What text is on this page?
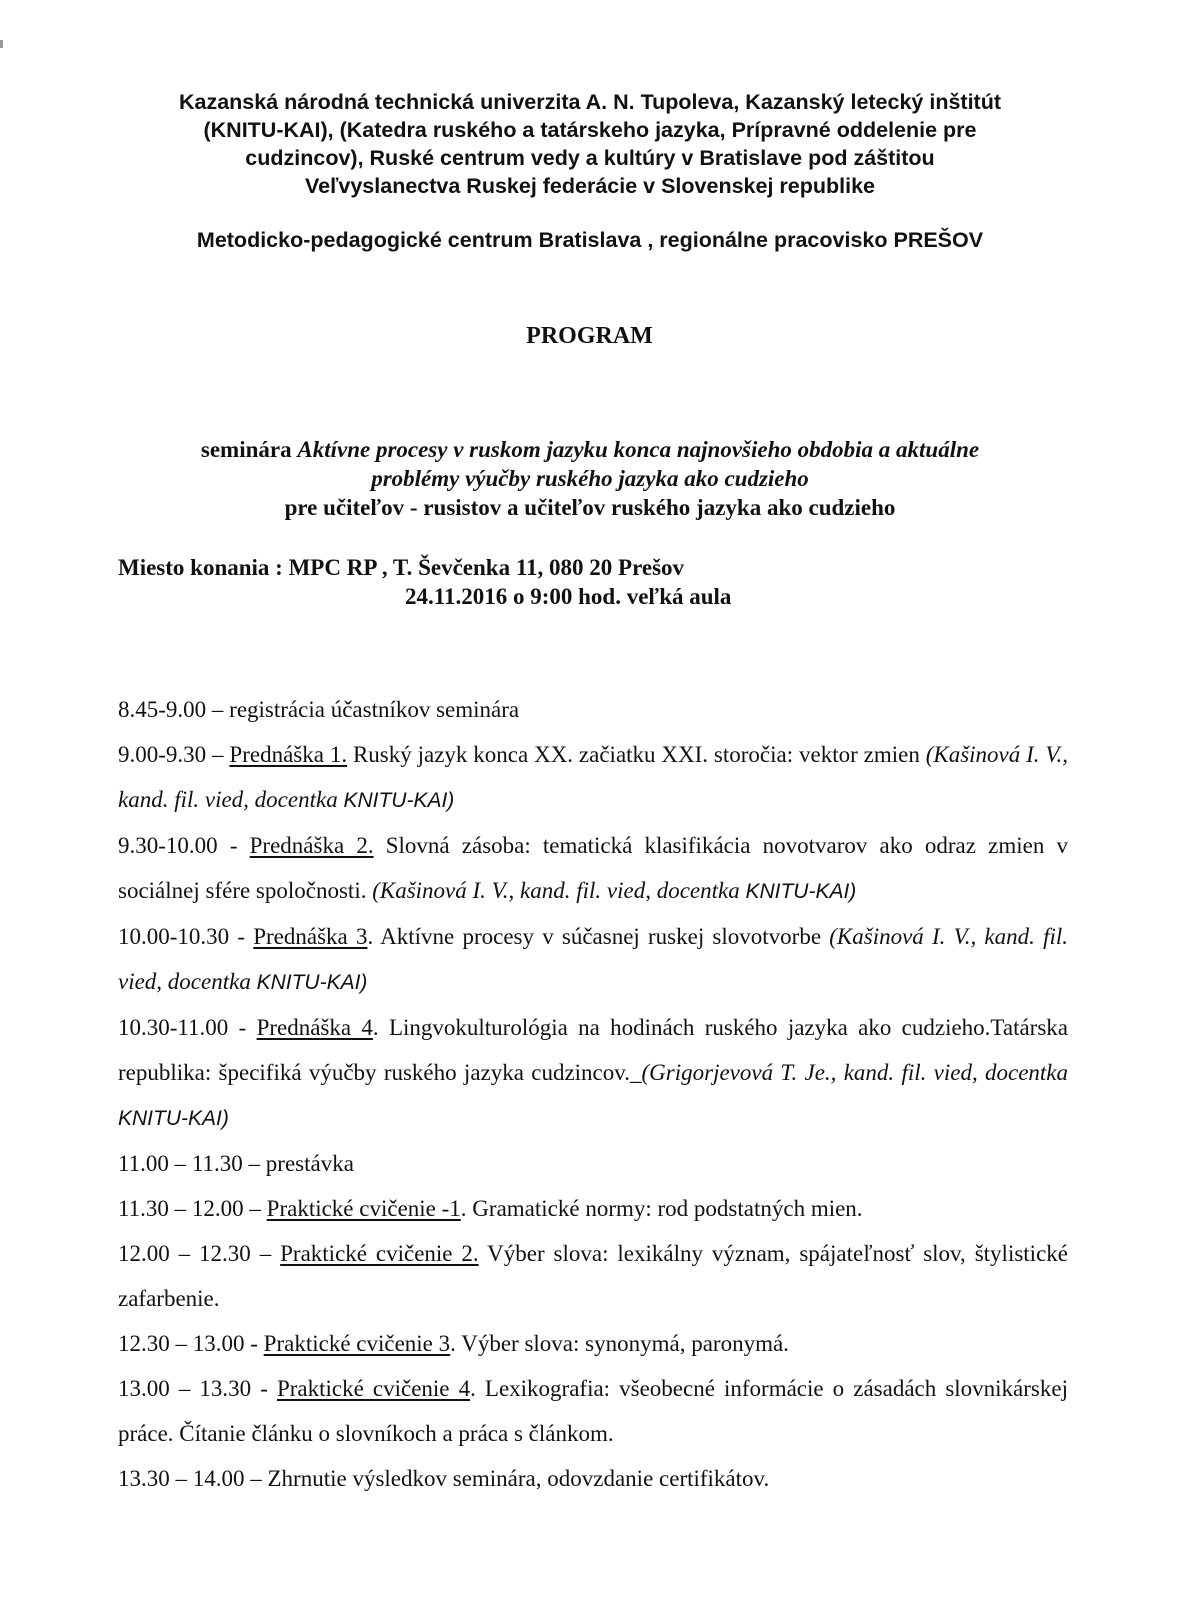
Kazanská národná technická univerzita A. N. Tupoleva, Kazanský letecký inštitút

(KNITU-KAI), (Katedra ruského a tatárskeho jazyka, Prípravné oddelenie pre

cudzincov), Ruské centrum vedy a kultúry v Bratislave pod záštitou

Veľvyslanectva Ruskej federácie v Slovenskej republike

Metodicko-pedagogické centrum Bratislava , regionálne pracovisko PREŠOV
PROGRAM

seminára Aktívne procesy v ruskom jazyku konca najnovšieho obdobia a aktuálne

problémy výučby ruského jazyka ako cudzieho

pre učiteľov - rusistov a učiteľov ruského jazyka ako cudzieho

Miesto konania : MPC RP , T. Ševčenka 11, 080 20 Prešov
24.11.2016 o 9:00 hod. veľká aula

8.45-9.00 – registrácia účastníkov seminára

9.00-9.30 – Prednáška 1. Ruský jazyk konca XX. začiatku XXI. storočia: vektor zmien (Kašinová I. V., kand. fil. vied, docentka KNITU-KAI)

9.30-10.00 - Prednáška 2. Slovná zásoba: tematická klasifikácia novotvarov ako odraz zmien v sociálnej sfére spoločnosti. (Kašinová I. V., kand. fil. vied, docentka KNITU-KAI)

10.00-10.30 - Prednáška 3. Aktívne procesy v súčasnej ruskej slovotvorbe (Kašinová I. V., kand. fil. vied, docentka KNITU-KAI)

10.30-11.00 - Prednáška 4. Lingvokulturológia na hodinách ruského jazyka ako cudzieho.Tatárska republika: špecifiká výučby ruského jazyka cudzincov._(Grigorjevová T. Je., kand. fil. vied, docentka KNITU-KAI)

11.00 – 11.30 – prestávka

11.30 – 12.00 – Praktické cvičenie -1. Gramatické normy: rod podstatných mien.

12.00 – 12.30 – Praktické cvičenie 2. Výber slova: lexikálny význam, spájateľnosť slov, štylistické zafarbenie.

12.30 – 13.00 - Praktické cvičenie 3. Výber slova: synonymá, paronymá.

13.00 – 13.30 - Praktické cvičenie 4. Lexikografia: všeobecné informácie o zásadách slovnikárskej práce. Čítanie článku o slovníkoch a práca s článkom.

13.30 – 14.00 – Zhrnutie výsledkov seminára, odovzdanie certifikátov.
